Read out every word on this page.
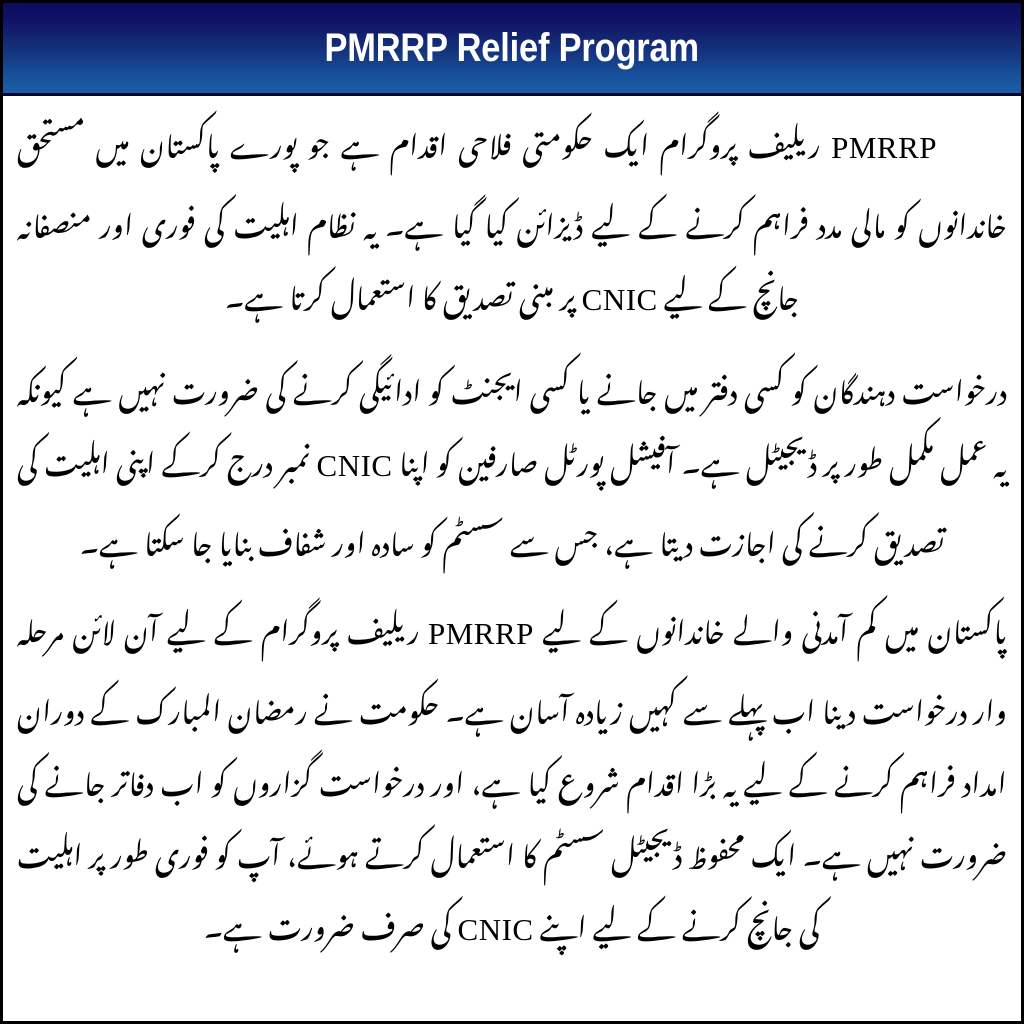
PMRRP Relief Program

PMRRP ریلیف پروگرام ایک حکومتی فلاحی اقدام ہے جو پورے پاکستان میں مستحق خاندانوں کو مالی مدد فراہم کرنے کے لیے ڈیزائن کیا گیا ہے۔ یہ نظام اہلیت کی فوری اور منصفانہ جانچ کے لیے CNIC پر مبنی تصدیق کا استعمال کرتا ہے۔

درخواست دہندگان کو کسی دفتر میں جانے یا کسی ایجنٹ کو ادائیگی کرنے کی ضرورت نہیں ہے کیونکہ یہ عمل مکمل طور پر ڈیجیٹل ہے۔ آفیشل پورٹل صارفین کو اپنا CNIC نمبر درج کرکے اپنی اہلیت کی تصدیق کرنے کی اجازت دیتا ہے، جس سے سسٹم کو سادہ اور شفاف بنایا جا سکتا ہے۔

پاکستان میں کم آمدنی والے خاندانوں کے لیے PMRRP ریلیف پروگرام کے لیے آن لائن مرحلہ وار درخواست دینا اب پہلے سے کہیں زیادہ آسان ہے۔ حکومت نے رمضان المبارک کے دوران امداد فراہم کرنے کے لیے یہ بڑا اقدام شروع کیا ہے، اور درخواست گزاروں کو اب دفاتر جانے کی ضرورت نہیں ہے۔ ایک محفوظ ڈیجیٹل سسٹم کا استعمال کرتے ہوئے، آپ کو فوری طور پر اہلیت کی جانچ کرنے کے لیے اپنے CNIC کی صرف ضرورت ہے۔
